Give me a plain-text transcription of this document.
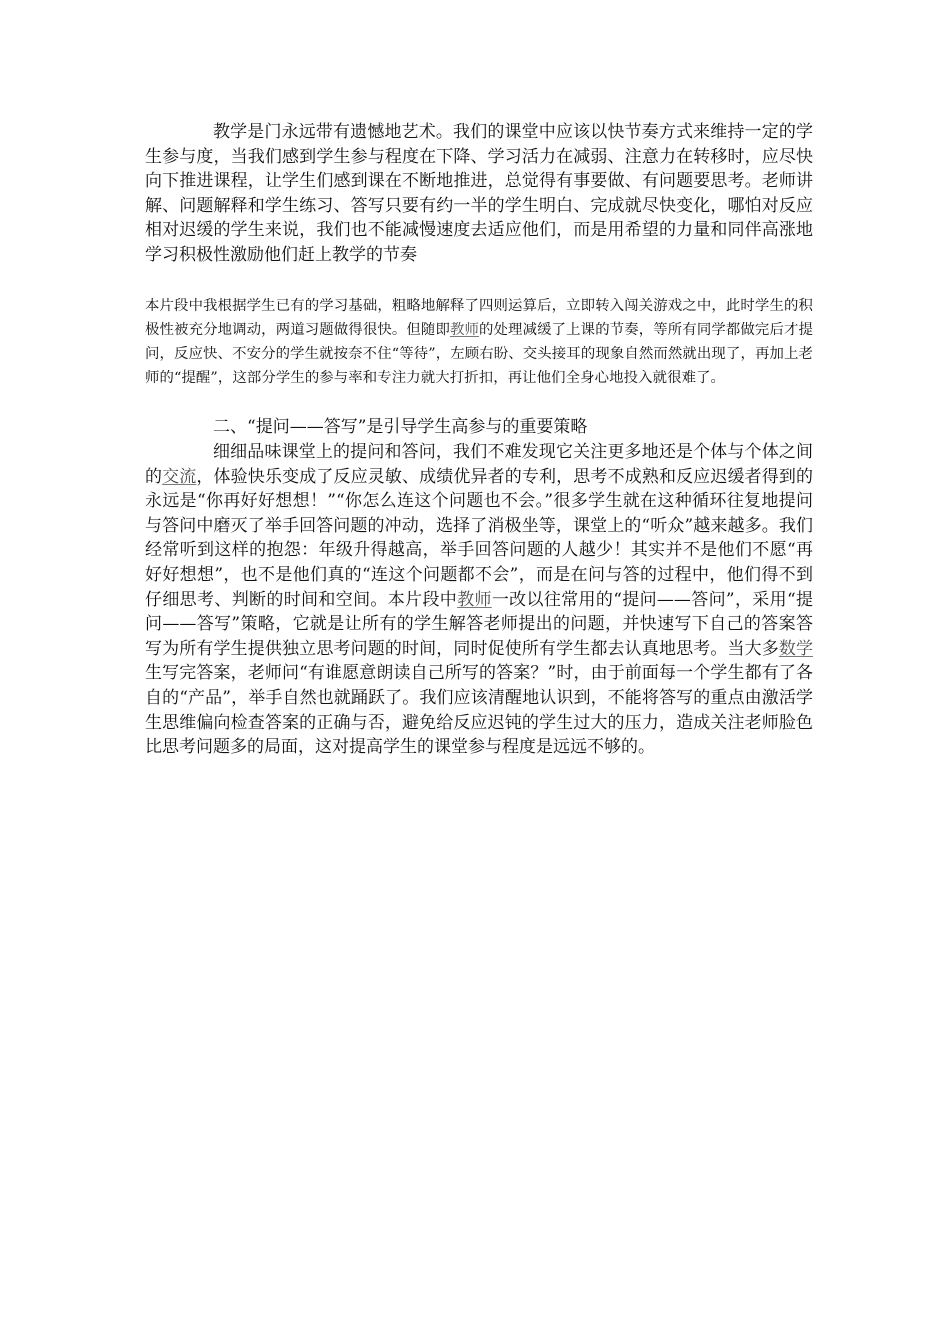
教学是门永远带有遗憾地艺术。我们的课堂中应该以快节奏方式来维持一定的学生参与度，当我们感到学生参与程度在下降、学习活力在减弱、注意力在转移时，应尽快向下推进课程，让学生们感到课在不断地推进，总觉得有事要做、有问题要思考。老师讲解、问题解释和学生练习、答写只要有约一半的学生明白、完成就尽快变化，哪怕对反应相对迟缓的学生来说，我们也不能减慢速度去适应他们，而是用希望的力量和同伴高涨地学习积极性激励他们赶上教学的节奏

本片段中我根据学生已有的学习基础，粗略地解释了四则运算后，立即转入闯关游戏之中，此时学生的积极性被充分地调动，两道习题做得很快。但随即教师的处理减缓了上课的节奏，等所有同学都做完后才提问，反应快、不安分的学生就按奈不住“等待”，左顾右盼、交头接耳的现象自然而然就出现了，再加上老师的“提醒”，这部分学生的参与率和专注力就大打折扣，再让他们全身心地投入就很难了。

二、“提问——答写”是引导学生高参与的重要策略

细细品味课堂上的提问和答问，我们不难发现它关注更多地还是个体与个体之间的交流，体验快乐变成了反应灵敏、成绩优异者的专利，思考不成熟和反应迟缓者得到的永远是“你再好好想想！”“你怎么连这个问题也不会。”很多学生就在这种循环往复地提问与答问中磨灭了举手回答问题的冲动，选择了消极坐等，课堂上的“听众”越来越多。我们经常听到这样的抱怨：年级升得越高，举手回答问题的人越少！其实并不是他们不愿“再好好想想”，也不是他们真的“连这个问题都不会”，而是在问与答的过程中，他们得不到仔细思考、判断的时间和空间。本片段中教师一改以往常用的“提问——答问”，采用“提问——答写”策略，它就是让所有的学生解答老师提出的问题，并快速写下自己的答案答写为所有学生提供独立思考问题的时间，同时促使所有学生都去认真地思考。当大多数学生写完答案，老师问“有谁愿意朗读自己所写的答案？”时，由于前面每一个学生都有了各自的“产品”，举手自然也就踊跃了。我们应该清醒地认识到，不能将答写的重点由激活学生思维偏向检查答案的正确与否，避免给反应迟钝的学生过大的压力，造成关注老师脸色比思考问题多的局面，这对提高学生的课堂参与程度是远远不够的。
